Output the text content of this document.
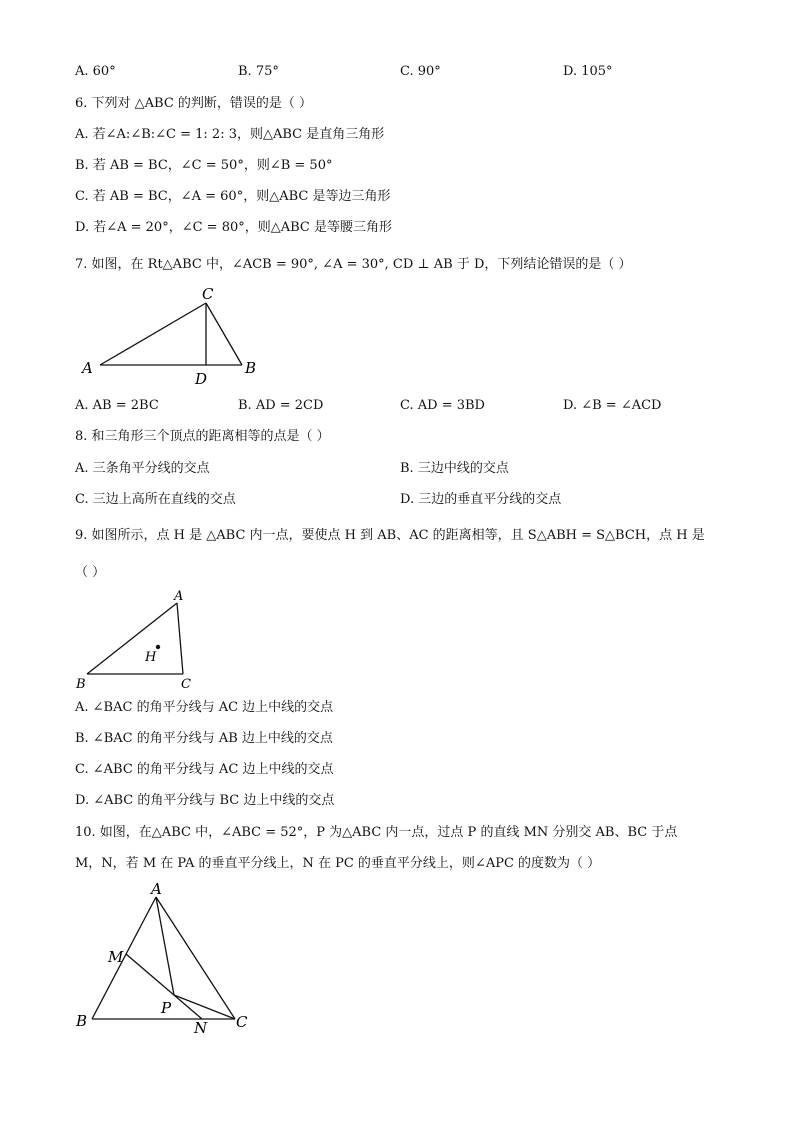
A. 60°	B. 75°	C. 90°	D. 105°
6. 下列对 △ABC 的判断，错误的是（ ）
A. 若∠A:∠B:∠C = 1: 2: 3，则△ABC 是直角三角形
B. 若 AB = BC，∠C = 50°，则∠B = 50°
C. 若 AB = BC，∠A = 60°，则△ABC 是等边三角形
D. 若∠A = 20°，∠C = 80°，则△ABC 是等腰三角形
7. 如图，在 Rt△ABC 中，∠ACB = 90°, ∠A = 30°, CD ⊥ AB 于 D，下列结论错误的是（ ）
C
A	B
D
A. AB = 2BC	B. AD = 2CD	C. AD = 3BD	D. ∠B = ∠ACD
8. 和三角形三个顶点的距离相等的点是（ ）
A. 三条角平分线的交点	B. 三边中线的交点
C. 三边上高所在直线的交点	D. 三边的垂直平分线的交点
9. 如图所示，点 H 是 △ABC 内一点，要使点 H 到 AB、AC 的距离相等，且 S△ABH = S△BCH，点 H 是
（ ）
A
H
B	C
A. ∠BAC 的角平分线与 AC 边上中线的交点
B. ∠BAC 的角平分线与 AB 边上中线的交点
C. ∠ABC 的角平分线与 AC 边上中线的交点
D. ∠ABC 的角平分线与 BC 边上中线的交点
10. 如图，在△ABC 中，∠ABC = 52°，P 为△ABC 内一点，过点 P 的直线 MN 分别交 AB、BC 于点
M，N，若 M 在 PA 的垂直平分线上，N 在 PC 的垂直平分线上，则∠APC 的度数为（ ）
A
M
P
B	N C
